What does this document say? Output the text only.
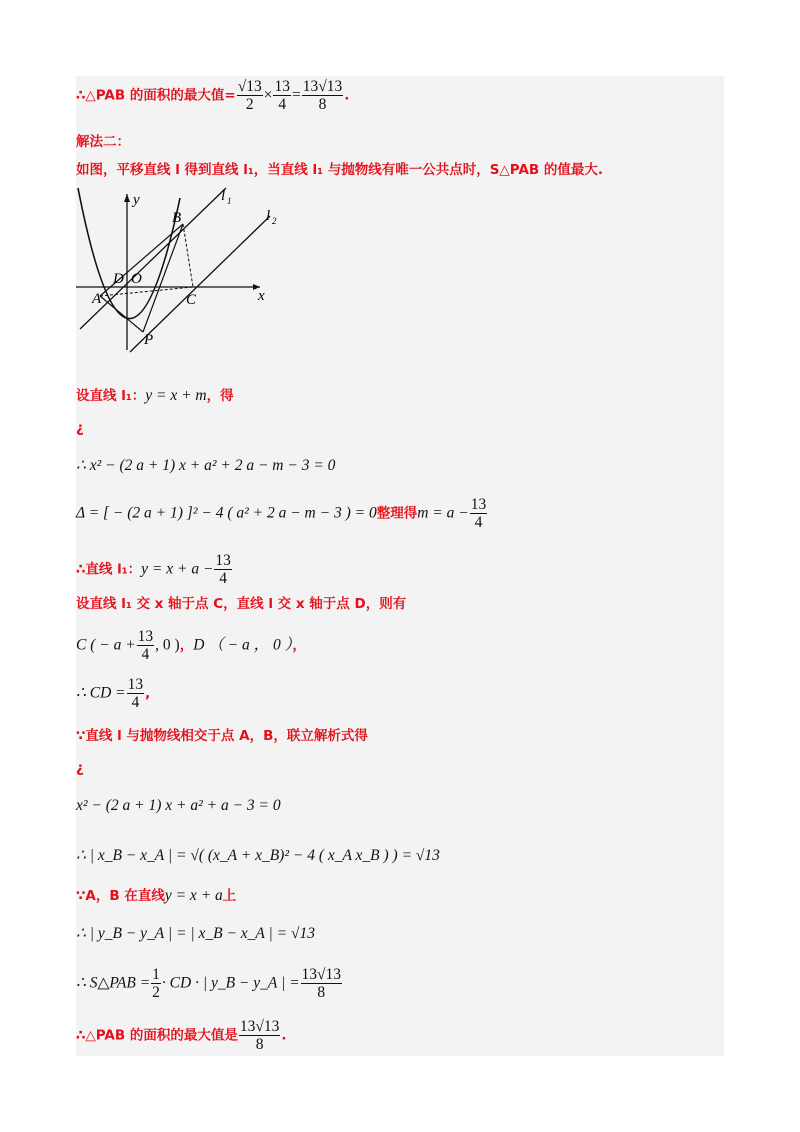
∴△PAB 的面积的最大值= $\frac{√13}{2} \times \frac{13}{4} = \frac{13√13}{8}$ .
解法二：
如图，平移直线 l 得到直线 l₁，当直线 l₁ 与抛物线有唯一公共点时，S△PAB 的值最大.
y
x
l 1
l 2
B
D O
A	C
P
设直线 l₁：y = x + m，得
¿
∴ x² − (2 a + 1) x + a² + 2 a − m − 3 = 0
Δ = [ − (2 a + 1) ]² − 4 ( a² + 2 a − m − 3 ) = 0整理得$m = a - \frac{13}{4}$
∴直线 l₁：$y = x + a - \frac{13}{4}$
设直线 l₁ 交 x 轴于点 C，直线 l 交 x 轴于点 D，则有
C ( − $a + \frac{13}{4}$ , 0 )，D （ − a ， 0 ），
∴ CD = $\frac{13}{4}$ ,
∵直线 l 与抛物线相交于点 A，B，联立解析式得
¿
x² − (2 a + 1) x + a² + a − 3 = 0
∴ | x_B − x_A | = √( (x_A + x_B)² − 4 ( x_A x_B ) ) = √13
∵A，B 在直线y = x + a上
∴ | y_B − y_A | = | x_B − x_A | = √13
∴ S△PAB = $\frac{1}{2}$ · CD · | y_B − y_A | = $\frac{13√13}{8}$
∴△PAB 的面积的最大值是 $\frac{13√13}{8}$ .
